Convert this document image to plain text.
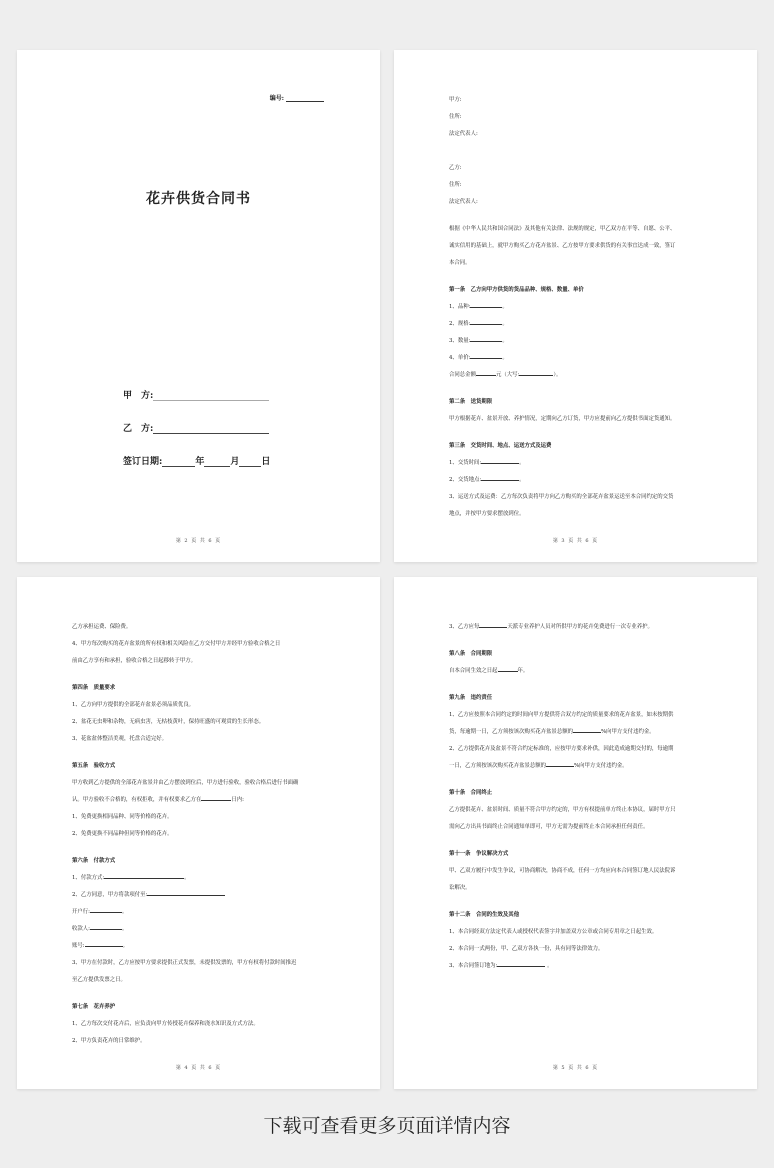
编号:
花卉供货合同书
甲　方:
乙　方:
签订日期:	年	月 日
第 2 页 共 6 页

甲方:

住所:

法定代表人:

乙方:

住所:

法定代表人:

根据《中华人民共和国合同法》及其他有关法律、法规的规定，甲乙双方在平等、自愿、公平、

诚实信用的基础上，就甲方购买乙方花卉盆景、乙方按甲方要求供货的有关事宜达成一致，签订

本合同。

第一条　乙方向甲方供货的货品品种、规格、数量、单价

1、品种:	。

2、规格:	。

3、数量:	。

4、单价:	。

合同总金额	元（大写:	）。

第二条　送货期限

甲方根据花卉、盆景开放、养护情况，定期向乙方订货，甲方应提前向乙方提供书面定货通知。

第三条　交货时间、地点、运送方式及运费

1、交货时间:	。

2、交货地点:	。

3、运送方式及运费：乙方每次负责将甲方向乙方购买的全部花卉盆景运送至本合同约定的交货

地点，并按甲方要求摆放到位。

第 3 页 共 6 页

乙方承担运费、保险费。

4、甲方每次购买的花卉盆景的所有权和相关风险在乙方交付甲方并经甲方验收合格之日

前由乙方享有和承担，验收合格之日起移转于甲方。

第四条　质量要求

1、乙方向甲方提供的全部花卉盆景必须品质优良。

2、盆花无虫卵和杂物，无病虫害，无枯枝黄叶，保持旺盛的可观赏的生长形态。

3、花盆盆体整洁美观，托盘合适完好。

第五条　验收方式

甲方收到乙方提供的全部花卉盆景并由乙方摆放到位后，甲方进行验收，验收合格后进行书面确

认。甲方验收不合格的，有权拒收，并有权要求乙方在	日内:

1、免费更换相同品种、同等价格的花卉。

2、免费更换不同品种但同等价格的花卉。

第六条　付款方式

1、付款方式:	。

2、乙方同意，甲方将款项付至:

开户行:	。

收款人:	。

账号:	。

3、甲方在付款时，乙方应按甲方要求提供正式发票，未提供发票的，甲方有权将付款时间推迟

至乙方提供发票之日。

第七条　花卉养护

1、乙方每次交付花卉后，应负责向甲方传授花卉保养和浇水知识及方式方法。

2、甲方负责花卉的日常维护。

第 4 页 共 6 页

3、乙方应每	天派专业养护人员对所供甲方的花卉免费进行一次专业养护。

第八条　合同期限

自本合同生效之日起	年。

第九条　违约责任

1、乙方应按照本合同约定的时间向甲方提供符合双方约定的质量要求的花卉盆景，如未按期供

货，每逾期一日，乙方须按该次购买花卉盆景总额的	%向甲方支付违约金。

2、乙方提供花卉及盆景不符合约定标准的，应按甲方要求补供，因此造成逾期交付的，每逾期

一日，乙方须按该次购买花卉盆景总额的	%向甲方支付违约金。

第十条　合同终止

乙方提供花卉、盆景时间、质量不符合甲方约定的，甲方有权提前单方终止本协议，届时甲方只

需向乙方出具书面终止合同通知单即可，甲方无需为提前终止本合同承担任何责任。

第十一条　争议解决方式

甲、乙双方履行中发生争议，可协商解决，协商不成，任何一方均应向本合同签订地人民法院诉

讼解决。

第十二条　合同的生效及其他

1、本合同经双方法定代表人或授权代表签字并加盖双方公章或合同专用章之日起生效。

2、本合同一式两份，甲、乙双方各执一份，具有同等法律效力。

3、本合同签订地为:	。

第 5 页 共 6 页
下载可查看更多页面详情内容
